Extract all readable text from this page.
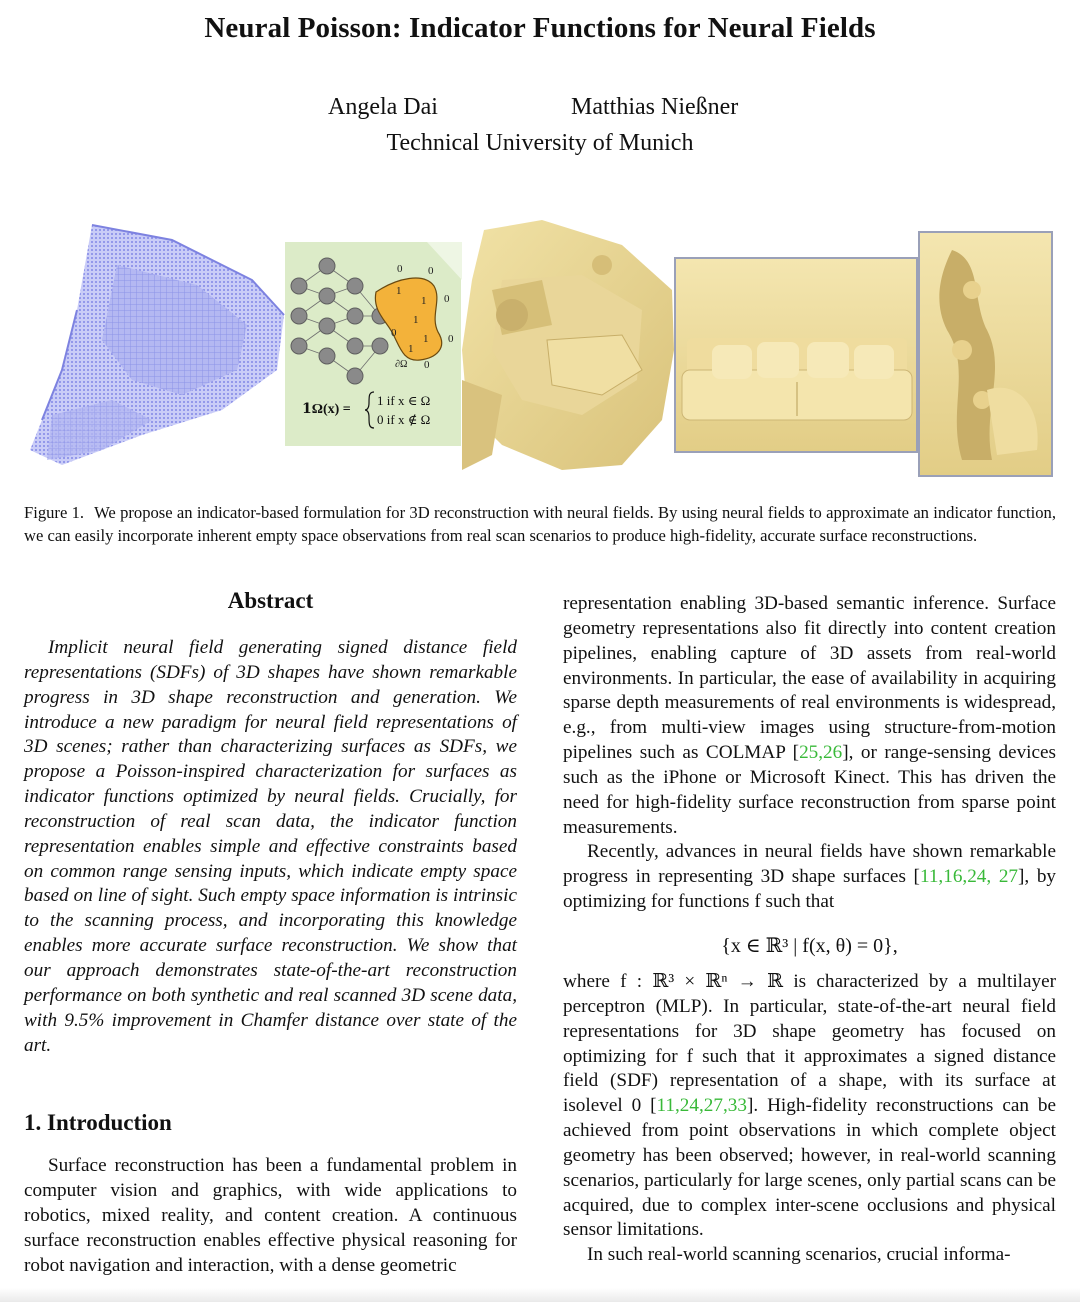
Neural Poisson: Indicator Functions for Neural Fields
Angela Dai	Matthias Nießner
Technical University of Munich
0 0
0
0
0
0
1
1
1
1
1
∂Ω
𝟏Ω(x) =
1 if x ∈ Ω
0 if x ∉ Ω
Figure 1. We propose an indicator-based formulation for 3D reconstruction with neural fields. By using neural fields to approximate an indicator function, we can easily incorporate inherent empty space observations from real scan scenarios to produce high-fidelity, accurate surface reconstructions.
Abstract

Implicit neural field generating signed distance field representations (SDFs) of 3D shapes have shown remarkable progress in 3D shape reconstruction and generation. We introduce a new paradigm for neural field representations of 3D scenes; rather than characterizing surfaces as SDFs, we propose a Poisson-inspired characterization for surfaces as indicator functions optimized by neural fields. Crucially, for reconstruction of real scan data, the indicator function representation enables simple and effective constraints based on common range sensing inputs, which indicate empty space based on line of sight. Such empty space information is intrinsic to the scanning process, and incorporating this knowledge enables more accurate surface reconstruction. We show that our approach demonstrates state-of-the-art reconstruction performance on both synthetic and real scanned 3D scene data, with 9.5% improvement in Chamfer distance over state of the art.

1. Introduction

Surface reconstruction has been a fundamental problem in computer vision and graphics, with wide applications to robotics, mixed reality, and content creation. A continuous surface reconstruction enables effective physical reasoning for robot navigation and interaction, with a dense geometric

representation enabling 3D-based semantic inference. Surface geometry representations also fit directly into content creation pipelines, enabling capture of 3D assets from real-world environments. In particular, the ease of availability in acquiring sparse depth measurements of real environments is widespread, e.g., from multi-view images using structure-from-motion pipelines such as COLMAP [25,26], or range-sensing devices such as the iPhone or Microsoft Kinect. This has driven the need for high-fidelity surface reconstruction from sparse point measurements.

Recently, advances in neural fields have shown remarkable progress in representing 3D shape surfaces [11,16,24, 27], by optimizing for functions f such that

{x ∈ ℝ³ | f(x, θ) = 0},

where f : ℝ³ × ℝⁿ → ℝ is characterized by a multilayer perceptron (MLP). In particular, state-of-the-art neural field representations for 3D shape geometry has focused on optimizing for f such that it approximates a signed distance field (SDF) representation of a shape, with its surface at isolevel 0 [11,24,27,33]. High-fidelity reconstructions can be achieved from point observations in which complete object geometry has been observed; however, in real-world scanning scenarios, particularly for large scenes, only partial scans can be acquired, due to complex inter-scene occlusions and physical sensor limitations.

In such real-world scanning scenarios, crucial informa-
